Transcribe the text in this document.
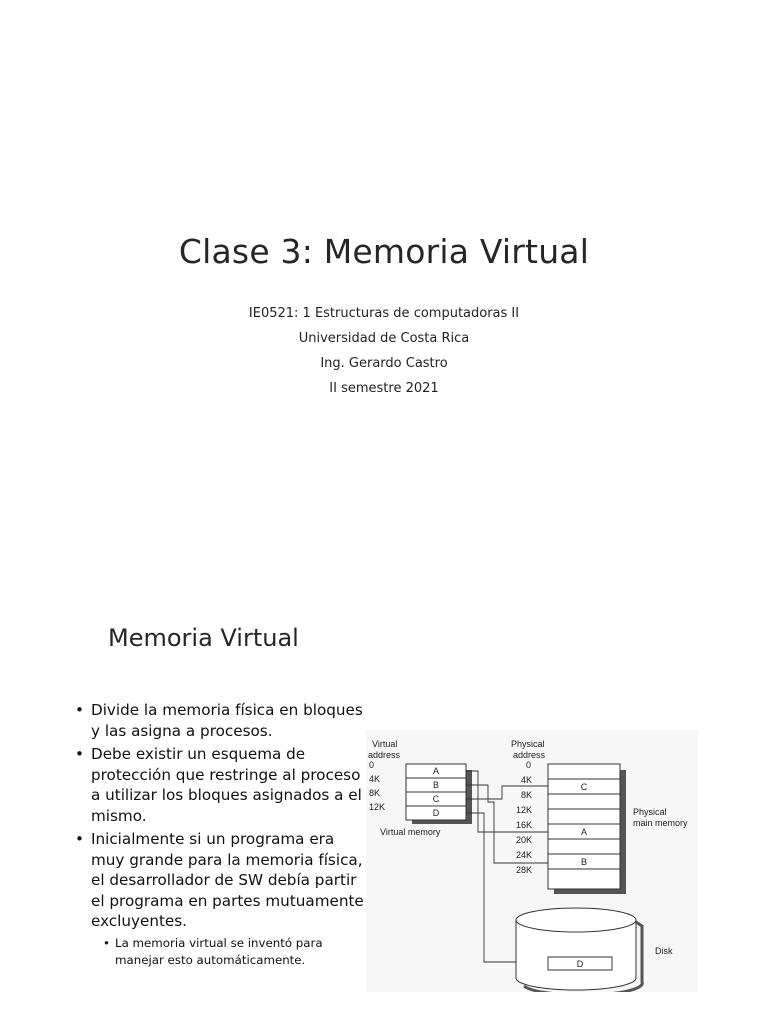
Clase 3: Memoria Virtual
IE0521: 1 Estructuras de computadoras II
Universidad de Costa Rica
Ing. Gerardo Castro
II semestre 2021
Memoria Virtual
• Divide la memoria física en bloques y las asigna a procesos.
• Debe existir un esquema de protección que restringe al proceso a utilizar los bloques asignados a el mismo.
• Inicialmente si un programa era muy grande para la memoria física, el desarrollador de SW debía partir el programa en partes mutuamente excluyentes.
• La memoria virtual se inventó para manejar esto automáticamente.
Virtual
address
A
B
C
D
0
4K
8K
12K
Virtual memory
Physical
address
C
A
B
0
4K
8K
12K
16K
20K
24K
28K
Physical
main memory
D
Disk
